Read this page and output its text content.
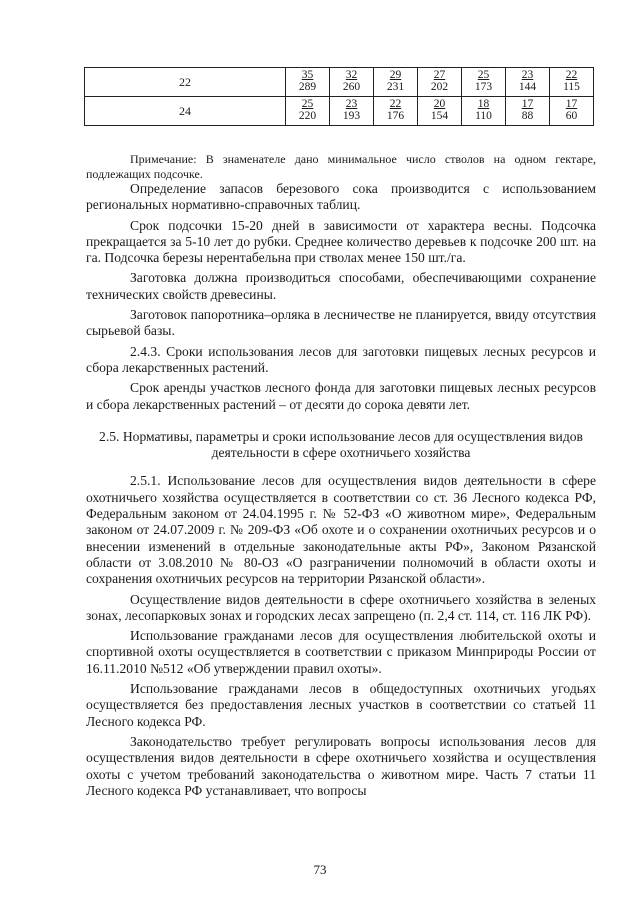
22	$\frac{35}{289}$	$\frac{32}{260}$	$\frac{29}{231}$	$\frac{27}{202}$	$\frac{25}{173}$	$\frac{23}{144}$	$\frac{22}{115}$

24	$\frac{25}{220}$	$\frac{23}{193}$	$\frac{22}{176}$	$\frac{20}{154}$	$\frac{18}{110}$	$\frac{17}{88}$	$\frac{17}{60}$
Примечание: В знаменателе дано минимальное число стволов на одном гектаре, подлежащих подсочке.

Определение запасов березового сока производится с использованием региональных нормативно-справочных таблиц.

Срок подсочки 15-20 дней в зависимости от характера весны. Подсочка прекращается за 5-10 лет до рубки. Среднее количество деревьев к подсочке 200 шт. на га. Подсочка березы нерентабельна при стволах менее 150 шт./га.

Заготовка должна производиться способами, обеспечивающими сохранение технических свойств древесины.

Заготовок папоротника–орляка в лесничестве не планируется, ввиду отсутствия сырьевой базы.

2.4.3. Сроки использования лесов для заготовки пищевых лесных ресурсов и сбора лекарственных растений.

Срок аренды участков лесного фонда для заготовки пищевых лесных ресурсов и сбора лекарственных растений – от десяти до сорока девяти лет.

2.5. Нормативы, параметры и сроки использование лесов для осуществления видов деятельности в сфере охотничьего хозяйства

2.5.1. Использование лесов для осуществления видов деятельности в сфере охотничьего хозяйства осуществляется в соответствии со ст. 36 Лесного кодекса РФ, Федеральным законом от 24.04.1995 г. № 52-ФЗ «О животном мире», Федеральным законом от 24.07.2009 г. № 209-ФЗ «Об охоте и о сохранении охотничьих ресурсов и о внесении изменений в отдельные законодательные акты РФ», Законом Рязанской области от 3.08.2010 № 80-ОЗ «О разграничении полномочий в области охоты и сохранения охотничьих ресурсов на территории Рязанской области».

Осуществление видов деятельности в сфере охотничьего хозяйства в зеленых зонах, лесопарковых зонах и городских лесах запрещено (п. 2,4 ст. 114, ст. 116 ЛК РФ).

Использование гражданами лесов для осуществления любительской охоты и спортивной охоты осуществляется в соответствии с приказом Минприроды России от 16.11.2010 №512 «Об утверждении правил охоты».

Использование гражданами лесов в общедоступных охотничьих угодьях осуществляется без предоставления лесных участков в соответствии со статьей 11 Лесного кодекса РФ.

Законодательство требует регулировать вопросы использования лесов для осуществления видов деятельности в сфере охотничьего хозяйства и осуществления охоты с учетом требований законодательства о животном мире. Часть 7 статьи 11 Лесного кодекса РФ устанавливает, что вопросы

73
